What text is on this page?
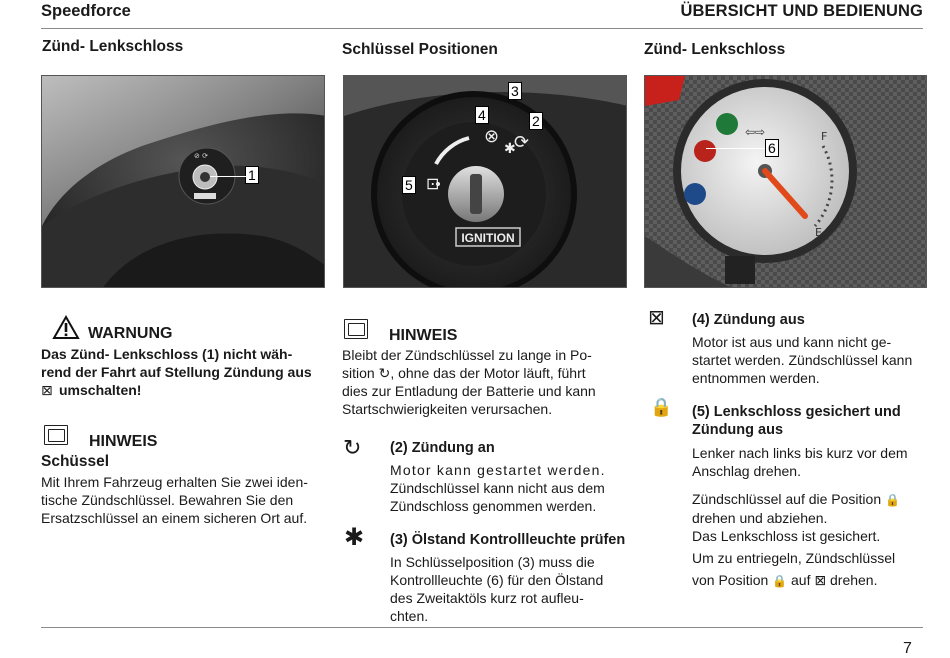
Speedforce	ÜBERSICHT UND BEDIENUNG
Zünd- Lenkschloss
⊘ ⟳
1
WARNUNG
Das Zünd- Lenkschloss (1) nicht wäh-
rend der Fahrt auf Stellung Zündung aus
⊠ umschalten!
HINWEIS
Schüssel
Mit Ihrem Fahrzeug erhalten Sie zwei iden-
tische Zündschlüssel. Bewahren Sie den
Ersatzschlüssel an einem sicheren Ort auf.
Schlüssel Positionen
IGNITION
⊗
✱
⟳
⊡
3
4	2
5
HINWEIS
Bleibt der Zündschlüssel zu lange in Po-
sition ↻, ohne das der Motor läuft, führt
dies zur Entladung der Batterie und kann
Startschwierigkeiten verursachen.
↻ (2) Zündung an
Motor kann gestartet werden.
Zündschlüssel kann nicht aus dem
Zündschloss genommen werden.
✱ (3) Ölstand Kontrollleuchte prüfen
In Schlüsselposition (3) muss die
Kontrollleuchte (6) für den Ölstand
des Zweitaktöls kurz rot aufleu-
chten.
Zünd- Lenkschloss
⇦⇨	F
E
6
⊠ (4) Zündung aus
Motor ist aus und kann nicht ge-
startet werden. Zündschlüssel kann
entnommen werden.
🔒 (5) Lenkschloss gesichert und
Zündung aus
Lenker nach links bis kurz vor dem
Anschlag drehen.
Zündschlüssel auf die Position 🔒
drehen und abziehen.
Das Lenkschloss ist gesichert.
Um zu entriegeln, Zündschlüssel
von Position 🔒 auf ⊠ drehen.
7
